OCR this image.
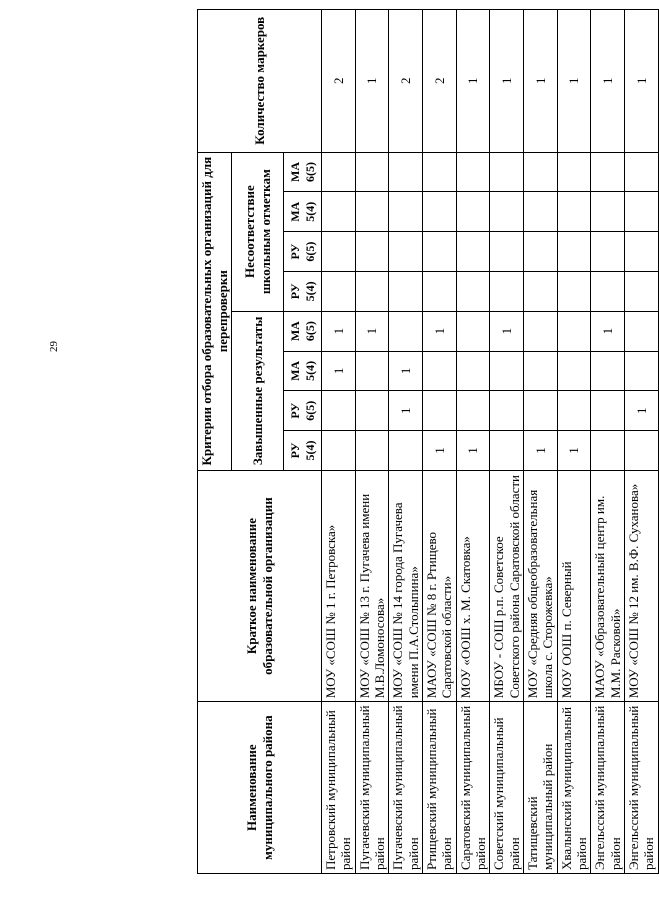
29
Наименование муниципального района	Краткое наименование образовательной организации	Критерии отбора образовательных организаций для перепроверки								Количество маркеров
		Завышенные результаты				Несоответствие школьным отметкам				
		РУ 5(4)	РУ 6(5)	МА 5(4)	МА 6(5)	РУ 5(4)	РУ 6(5)	МА 5(4)	МА 6(5)	
Петровский муниципальный район	МОУ «СОШ № 1 г. Петровска»			1	1					2
Пугачевский муниципальный район	МОУ «СОШ № 13 г. Пугачева имени М.В.Ломоносова»				1					1
Пугачевский муниципальный район	МОУ «СОШ № 14 города Пугачева имени П.А.Столыпина»		1	1						2
Ртищевский муниципальный район	МАОУ «СОШ № 8 г. Ртищево Саратовской области»	1			1					2
Саратовский муниципальный район	МОУ «ООШ х. М. Скатовка»	1								1
Советский муниципальный район	МБОУ - СОШ р.п. Советское Советского района Саратовской области				1					1
Татищевский муниципальный район	МОУ «Средняя общеобразовательная школа с. Сторожевка»	1								1
Хвалынский муниципальный район	МОУ ООШ п. Северный	1								1
Энгельсский муниципальный район	МАОУ «Образовательный центр им. М.М. Расковой»				1					1
Энгельсский муниципальный район	МОУ «СОШ № 12 им. В.Ф. Суханова»		1							1
